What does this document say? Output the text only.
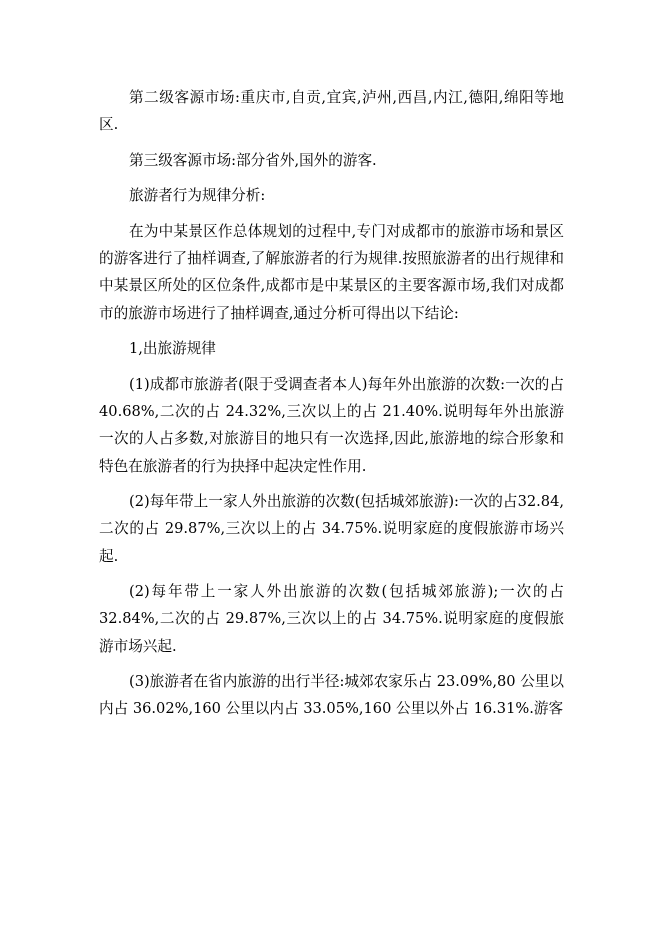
第二级客源市场:重庆市,自贡,宜宾,泸州,西昌,内江,德阳,绵阳等地区.

第三级客源市场:部分省外,国外的游客.

旅游者行为规律分析:

在为中某景区作总体规划的过程中,专门对成都市的旅游市场和景区的游客进行了抽样调查,了解旅游者的行为规律.按照旅游者的出行规律和中某景区所处的区位条件,成都市是中某景区的主要客源市场,我们对成都市的旅游市场进行了抽样调查,通过分析可得出以下结论:

1,出旅游规律

(1)成都市旅游者(限于受调查者本人)每年外出旅游的次数:一次的占 40.68%,二次的占 24.32%,三次以上的占 21.40%.说明每年外出旅游一次的人占多数,对旅游目的地只有一次选择,因此,旅游地的综合形象和特色在旅游者的行为抉择中起决定性作用.

(2)每年带上一家人外出旅游的次数(包括城郊旅游):一次的占32.84,二次的占 29.87%,三次以上的占 34.75%.说明家庭的度假旅游市场兴起.

(2)每年带上一家人外出旅游的次数(包括城郊旅游);一次的占32.84%,二次的占 29.87%,三次以上的占 34.75%.说明家庭的度假旅游市场兴起.

(3)旅游者在省内旅游的出行半径:城郊农家乐占 23.09%,80 公里以内占 36.02%,160 公里以内占 33.05%,160 公里以外占 16.31%.游客
